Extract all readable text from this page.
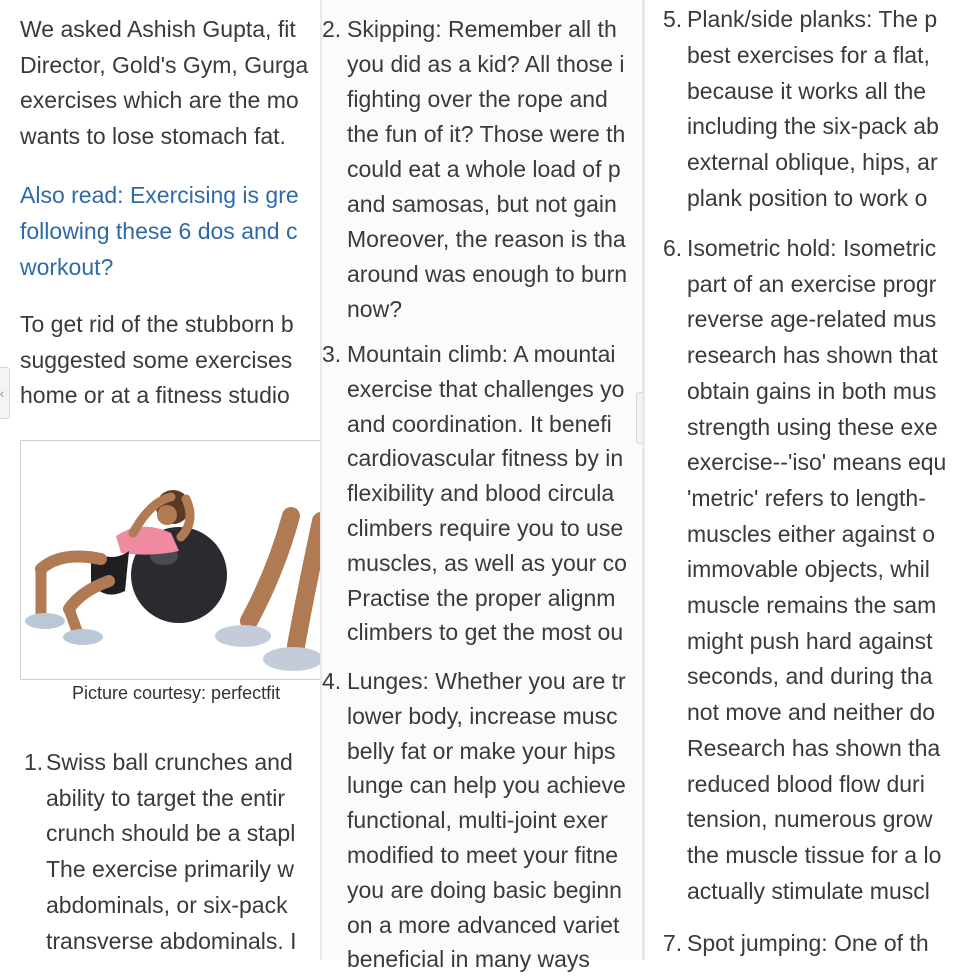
We asked Ashish Gupta, fit
Director, Gold's Gym, Gurga
exercises which are the mo
wants to lose stomach fat.
Also read: Exercising is gre
following these 6 dos and c
workout?
To get rid of the stubborn b
suggested some exercises
home or at a fitness studio
Picture courtesy: perfectfit
1. Swiss ball crunches and
ability to target the entir
crunch should be a stapl
The exercise primarily w
abdominals, or six-pack
transverse abdominals. I
‹
2. Skipping: Remember all th
you did as a kid? All those i
fighting over the rope and
the fun of it? Those were th
could eat a whole load of p
and samosas, but not gain
Moreover, the reason is tha
around was enough to burn
now?
3. Mountain climb: A mountai
exercise that challenges yo
and coordination. It benefi
cardiovascular fitness by in
flexibility and blood circula
climbers require you to use
muscles, as well as your co
Practise the proper alignm
climbers to get the most ou
4. Lunges: Whether you are tr
lower body, increase musc
belly fat or make your hips
lunge can help you achieve
functional, multi-joint exer
modified to meet your fitne
you are doing basic beginn
on a more advanced variet
beneficial in many ways
5. Plank/side planks: The p
best exercises for a flat,
because it works all the
including the six-pack ab
external oblique, hips, ar
plank position to work o
6. Isometric hold: Isometric
part of an exercise progr
reverse age-related mus
research has shown that
obtain gains in both mus
strength using these exe
exercise--'iso' means equ
'metric' refers to length-
muscles either against o
immovable objects, whil
muscle remains the sam
might push hard against
seconds, and during tha
not move and neither do
Research has shown tha
reduced blood flow duri
tension, numerous grow
the muscle tissue for a lo
actually stimulate muscl
7. Spot jumping: One of th
